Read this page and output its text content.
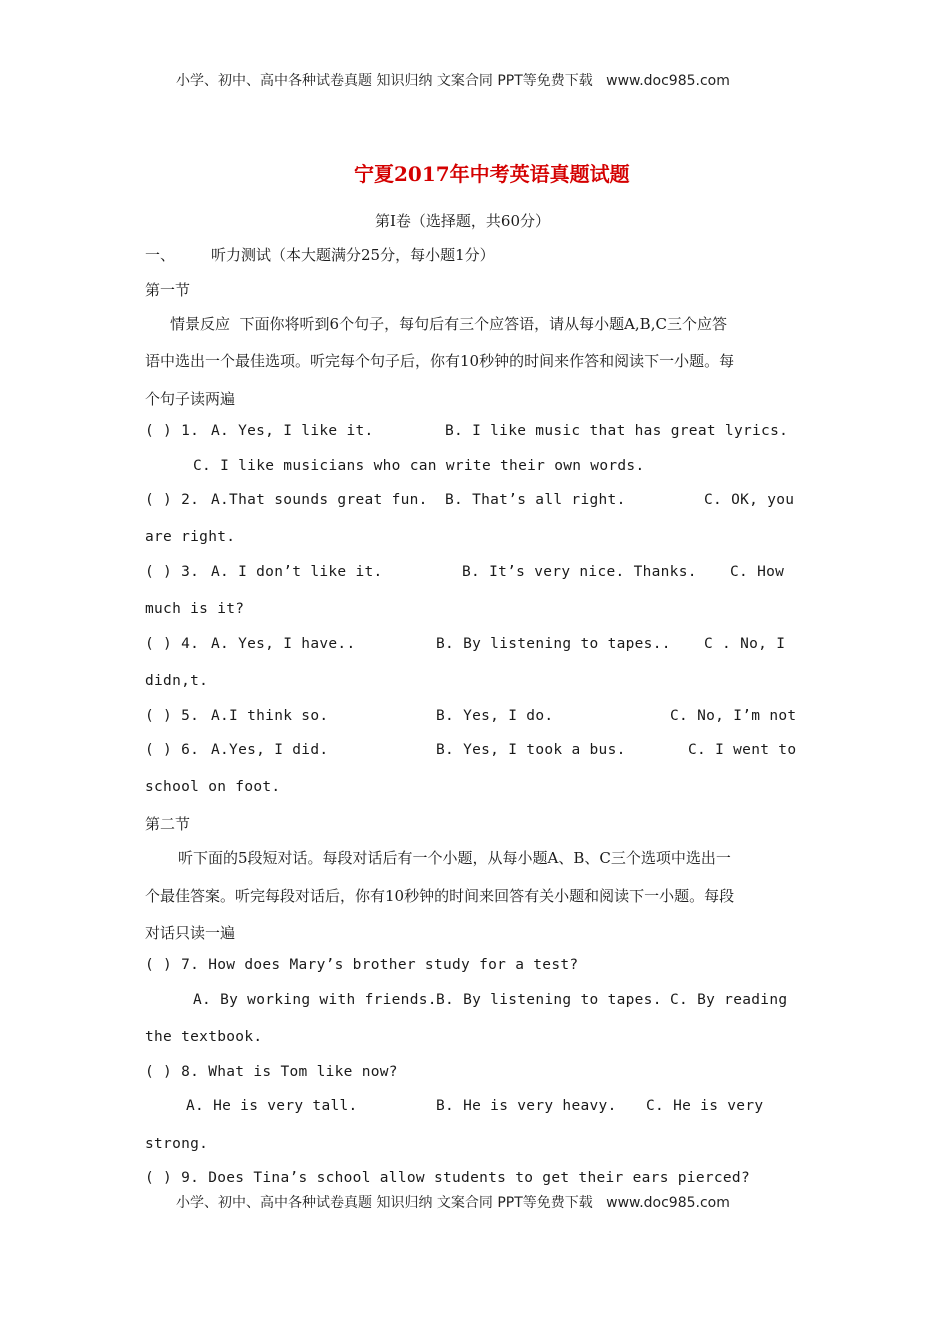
小学、初中、高中各种试卷真题 知识归纳 文案合同 PPT等免费下载   www.doc985.com
宁夏2017年中考英语真题试题
第Ⅰ卷（选择题，共60分）
一、 听力测试（本大题满分25分，每小题1分）
第一节
情景反应  下面你将听到6个句子，每句后有三个应答语，请从每小题A,B,C三个应答
语中选出一个最佳选项。听完每个句子后，你有10秒钟的时间来作答和阅读下一小题。每
个句子读两遍
( ) 1. A. Yes, I like it.	B. I like music that has great lyrics.
C. I like musicians who can write their own words.
( ) 2. A.That sounds great fun. B. That’s all right.	C. OK, you
are right.
( ) 3. A. I don’t like it.	B. It’s very nice. Thanks. C. How
much is it?
( ) 4. A. Yes, I have..	B. By listening to tapes.. C . No, I
didn,t.
( ) 5. A.I think so.	B. Yes, I do.	C. No, I’m not
( ) 6. A.Yes, I did.	B. Yes, I took a bus.	C. I went to
school on foot.
第二节
听下面的5段短对话。每段对话后有一个小题，从每小题A、B、C三个选项中选出一
个最佳答案。听完每段对话后，你有10秒钟的时间来回答有关小题和阅读下一小题。每段
对话只读一遍
( ) 7. How does Mary’s brother study for a test?
A. By working with friends. B. By listening to tapes. C. By reading
the textbook.
( ) 8. What is Tom like now?
A. He is very tall.	B. He is very heavy. C. He is very
strong.
( ) 9. Does Tina’s school allow students to get their ears pierced?
小学、初中、高中各种试卷真题 知识归纳 文案合同 PPT等免费下载   www.doc985.com
